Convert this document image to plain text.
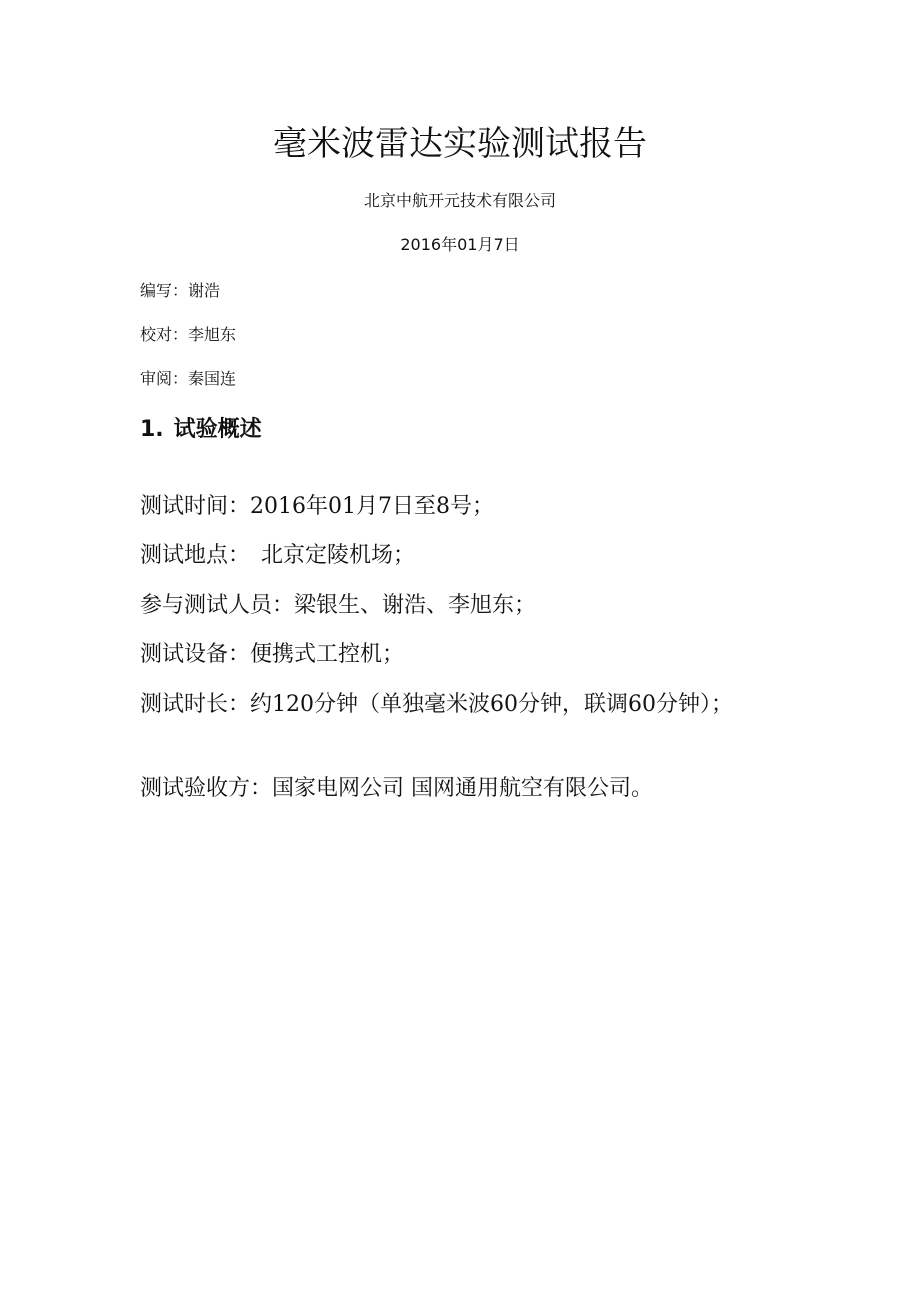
毫米波雷达实验测试报告
北京中航开元技术有限公司
2016年01月7日
编写：谢浩
校对：李旭东
审阅：秦国连
1. 试验概述
测试时间：2016年01月7日至8号；
测试地点：　北京定陵机场；
参与测试人员：梁银生、谢浩、李旭东；
测试设备：便携式工控机；
测试时长：约120分钟（单独毫米波60分钟，联调60分钟）；
测试验收方：国家电网公司 国网通用航空有限公司。
